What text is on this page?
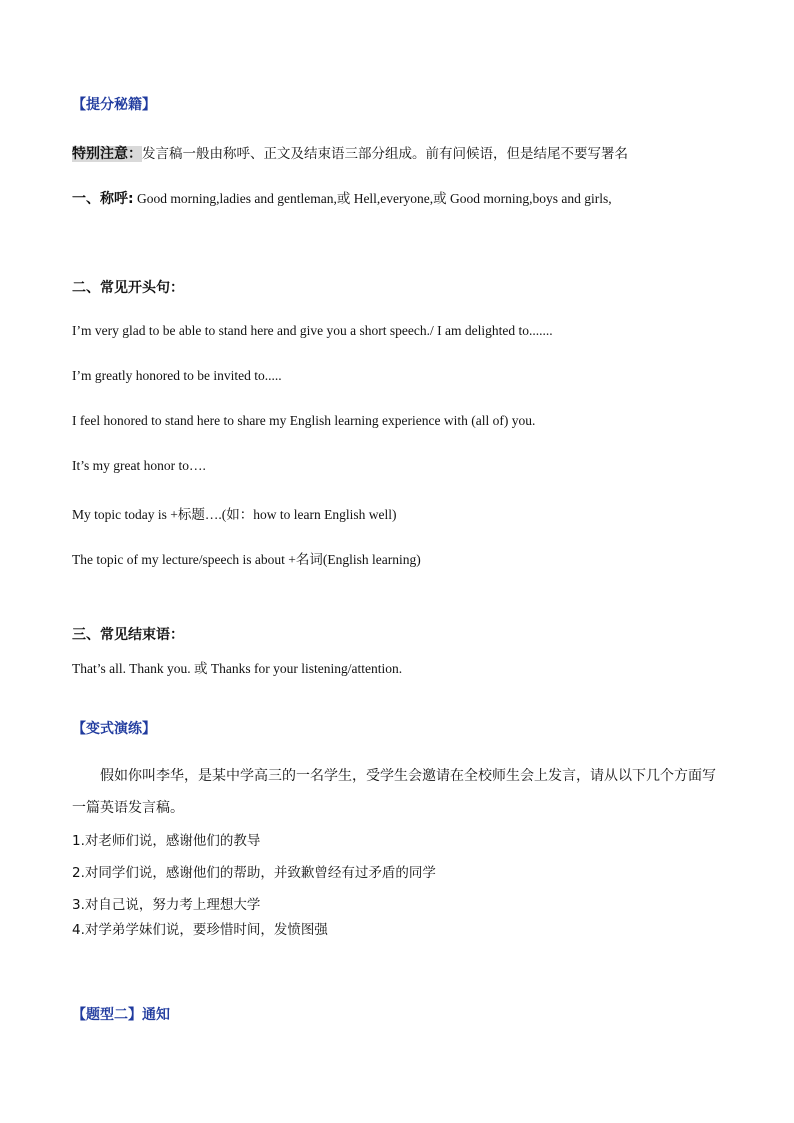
【提分秘籍】
特别注意：发言稿一般由称呼、正文及结束语三部分组成。前有问候语，但是结尾不要写署名
一、称呼: Good morning,ladies and gentleman,或 Hell,everyone,或 Good morning,boys and girls,
二、常见开头句：
I’m very glad to be able to stand here and give you a short speech./ I am delighted to.......
I’m greatly honored to be invited to.....
I feel honored to stand here to share my English learning experience with (all of) you.
It’s my great honor to….
My topic today is +标题….(如：how to learn English well)
The topic of my lecture/speech is about +名词(English learning)
三、常见结束语：
That’s all. Thank you. 或 Thanks for your listening/attention.
【变式演练】
假如你叫李华，是某中学高三的一名学生，受学生会邀请在全校师生会上发言，请从以下几个方面写一篇英语发言稿。
1.对老师们说，感谢他们的教导
2.对同学们说，感谢他们的帮助，并致歉曾经有过矛盾的同学
3.对自己说，努力考上理想大学
4.对学弟学妹们说，要珍惜时间，发愤图强
【题型二】通知
